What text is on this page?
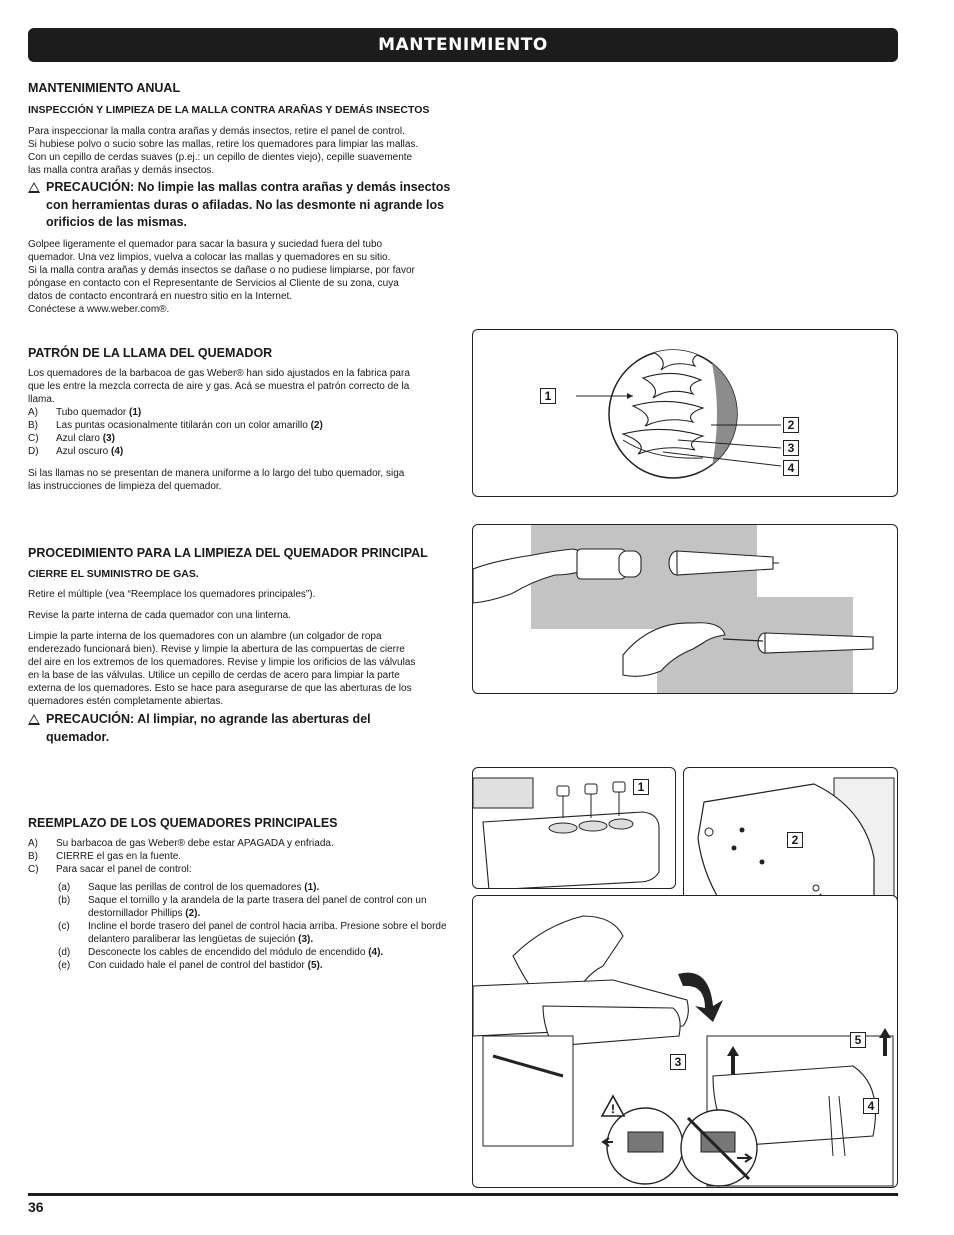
MANTENIMIENTO
MANTENIMIENTO ANUAL
INSPECCIÓN Y LIMPIEZA DE LA MALLA CONTRA ARAÑAS Y DEMÁS INSECTOS

Para inspeccionar la malla contra arañas y demás insectos, retire el panel de control.

Si hubiese polvo o sucio sobre las mallas, retire los quemadores para limpiar las mallas.

Con un cepillo de cerdas suaves (p.ej.: un cepillo de dientes viejo), cepille suavemente

las malla contra arañas y demás insectos.

PRECAUCIÓN: No limpie las mallas contra arañas y demás insectos con herramientas duras o afiladas. No las desmonte ni agrande los orificios de las mismas.

Golpee ligeramente el quemador para sacar la basura y suciedad fuera del tubo

quemador. Una vez limpios, vuelva a colocar las mallas y quemadores en su sitio.

Si la malla contra arañas y demás insectos se dañase o no pudiese limpiarse, por favor

póngase en contacto con el Representante de Servicios al Cliente de su zona, cuya

datos de contacto encontrará en nuestro sitio en la Internet.

Conéctese a www.weber.com®.

PATRÓN DE LA LLAMA DEL QUEMADOR

Los quemadores de la barbacoa de gas Weber® han sido ajustados en la fabrica para

que les entre la mezcla correcta de aire y gas. Acá se muestra el patrón correcto de la

llama.

A)	Tubo quemador (1)
B)	Las puntas ocasionalmente titilarán con un color amarillo (2)
C)	Azul claro (3)
D)	Azul oscuro (4)

Si las llamas no se presentan de manera uniforme a lo largo del tubo quemador, siga

las instrucciones de limpieza del quemador.

PROCEDIMIENTO PARA LA LIMPIEZA DEL QUEMADOR PRINCIPAL
CIERRE EL SUMINISTRO DE GAS.

Retire el múltiple (vea “Reemplace los quemadores principales”).

Revise la parte interna de cada quemador con una linterna.

Limpie la parte interna de los quemadores con un alambre (un colgador de ropa

enderezado funcionará bien). Revise y limpie la abertura de las compuertas de cierre

del aire en los extremos de los quemadores. Revise y limpie los orificios de las válvulas

en la base de las válvulas. Utilice un cepillo de cerdas de acero para limpiar la parte

externa de los quemadores. Esto se hace para asegurarse de que las aberturas de los

quemadores estén completamente abiertas.

PRECAUCIÓN: Al limpiar, no agrande las aberturas del quemador.
REEMPLAZO DE LOS QUEMADORES PRINCIPALES
A)	Su barbacoa de gas Weber® debe estar APAGADA y enfriada.
B)	CIERRE el gas en la fuente.
C)	Para sacar el panel de control:
(a)	Saque las perillas de control de los quemadores (1).
(b)	Saque el tornillo y la arandela de la parte trasera del panel de control con un destornillador Phillips (2).
(c)	Incline el borde trasero del panel de control hacia arriba. Presione sobre el borde delantero paraliberar las lengüetas de sujeción (3).
(d)	Desconecte los cables de encendido del módulo de encendido (4).
(e)	Con cuidado hale el panel de control del bastidor (5).
1
2
3
4
1
2
!
3
4
5
36
